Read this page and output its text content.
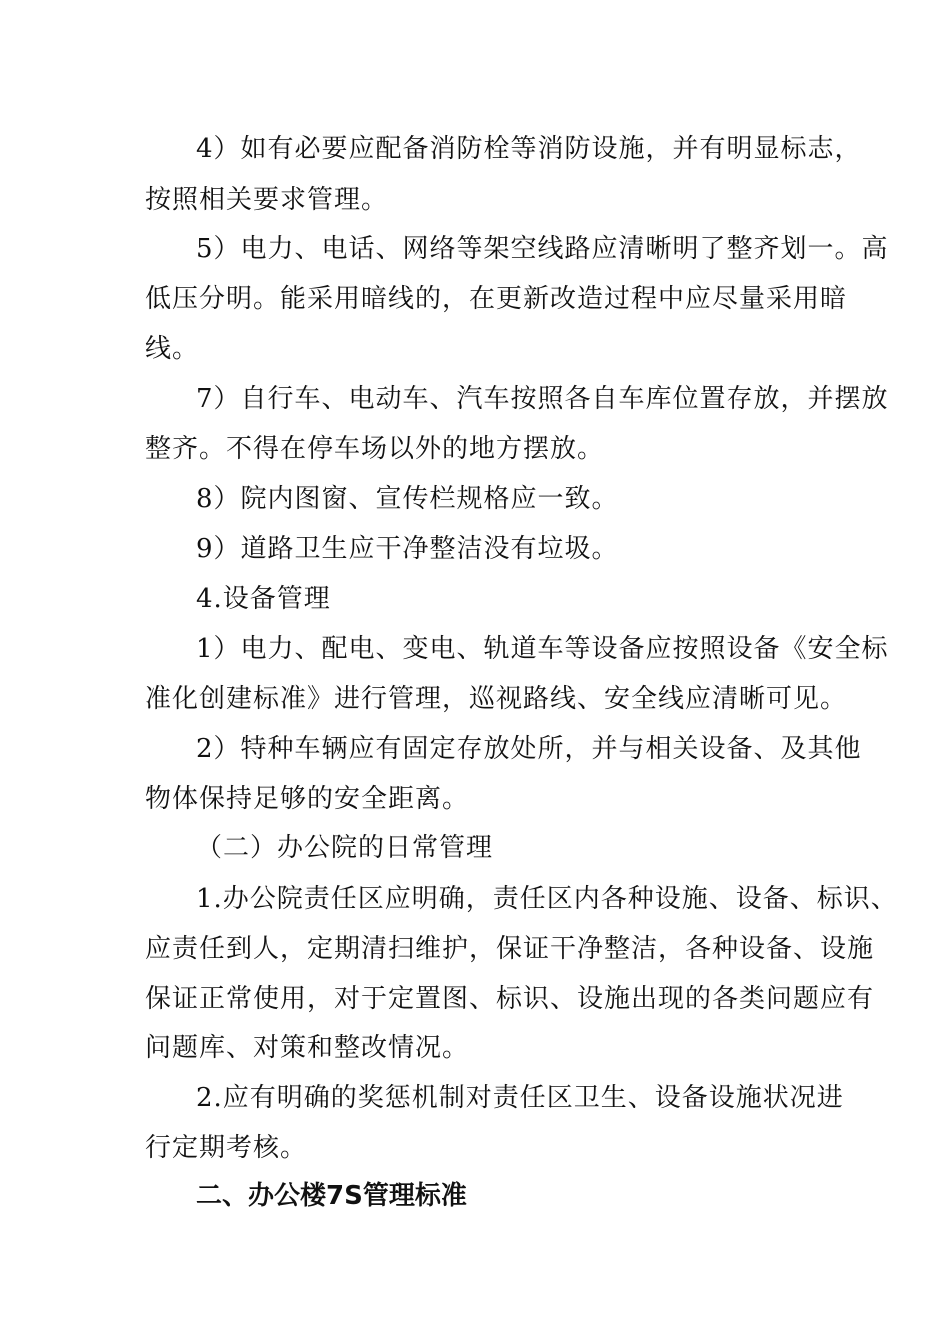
4）如有必要应配备消防栓等消防设施，并有明显标志，
按照相关要求管理。
5）电力、电话、网络等架空线路应清晰明了整齐划一。高
低压分明。能采用暗线的，在更新改造过程中应尽量采用暗
线。
7）自行车、电动车、汽车按照各自车库位置存放，并摆放
整齐。不得在停车场以外的地方摆放。
8）院内图窗、宣传栏规格应一致。
9）道路卫生应干净整洁没有垃圾。
4.设备管理
1）电力、配电、变电、轨道车等设备应按照设备《安全标
准化创建标准》进行管理，巡视路线、安全线应清晰可见。
2）特种车辆应有固定存放处所，并与相关设备、及其他
物体保持足够的安全距离。
（二）办公院的日常管理
1.办公院责任区应明确，责任区内各种设施、设备、标识、
应责任到人，定期清扫维护，保证干净整洁，各种设备、设施
保证正常使用，对于定置图、标识、设施出现的各类问题应有
问题库、对策和整改情况。
2.应有明确的奖惩机制对责任区卫生、设备设施状况进
行定期考核。
二、办公楼7S管理标准
